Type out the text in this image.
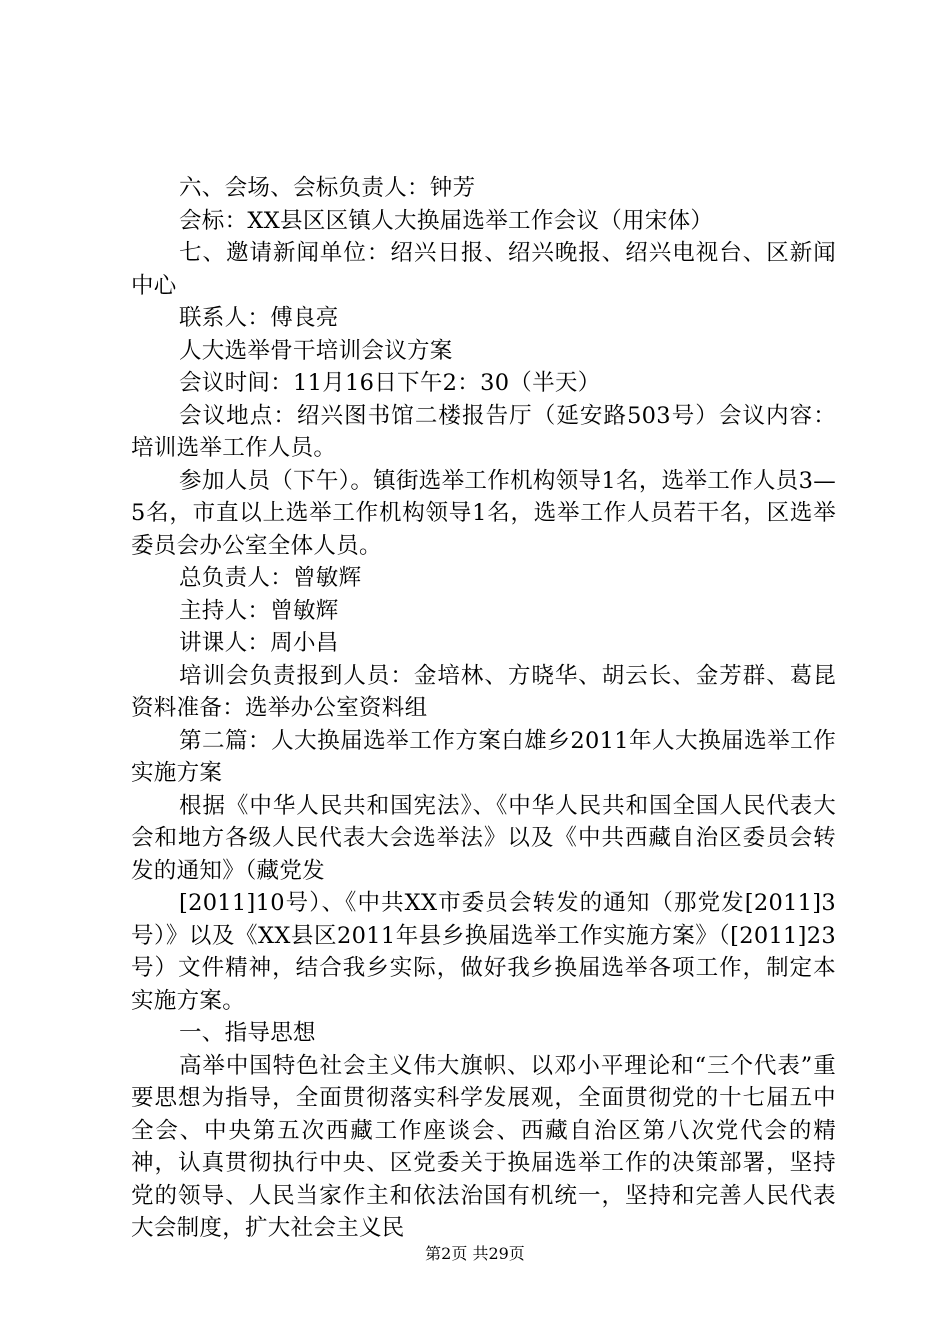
六、会场、会标负责人：钟芳

会标：XX县区区镇人大换届选举工作会议（用宋体）

七、邀请新闻单位：绍兴日报、绍兴晚报、绍兴电视台、区新闻中心

联系人：傅良亮

人大选举骨干培训会议方案

会议时间：11月16日下午2：30（半天）

会议地点：绍兴图书馆二楼报告厅（延安路503号）会议内容：培训选举工作人员。

参加人员（下午）。镇街选举工作机构领导1名，选举工作人员3—5名，市直以上选举工作机构领导1名，选举工作人员若干名，区选举委员会办公室全体人员。

总负责人：曾敏辉

主持人：曾敏辉

讲课人：周小昌

培训会负责报到人员：金培林、方晓华、胡云长、金芳群、葛昆资料准备：选举办公室资料组

第二篇：人大换届选举工作方案白雄乡2011年人大换届选举工作实施方案

根据《中华人民共和国宪法》、《中华人民共和国全国人民代表大会和地方各级人民代表大会选举法》以及《中共西藏自治区委员会转发的通知》（藏党发

[2011]10号）、《中共XX市委员会转发的通知（那党发[2011]3号）》以及《XX县区2011年县乡换届选举工作实施方案》（[2011]23号）文件精神，结合我乡实际，做好我乡换届选举各项工作，制定本实施方案。

一、指导思想

高举中国特色社会主义伟大旗帜、以邓小平理论和“三个代表”重要思想为指导，全面贯彻落实科学发展观，全面贯彻党的十七届五中全会、中央第五次西藏工作座谈会、西藏自治区第八次党代会的精神，认真贯彻执行中央、区党委关于换届选举工作的决策部署，坚持党的领导、人民当家作主和依法治国有机统一，坚持和完善人民代表大会制度，扩大社会主义民

第2页 共29页
